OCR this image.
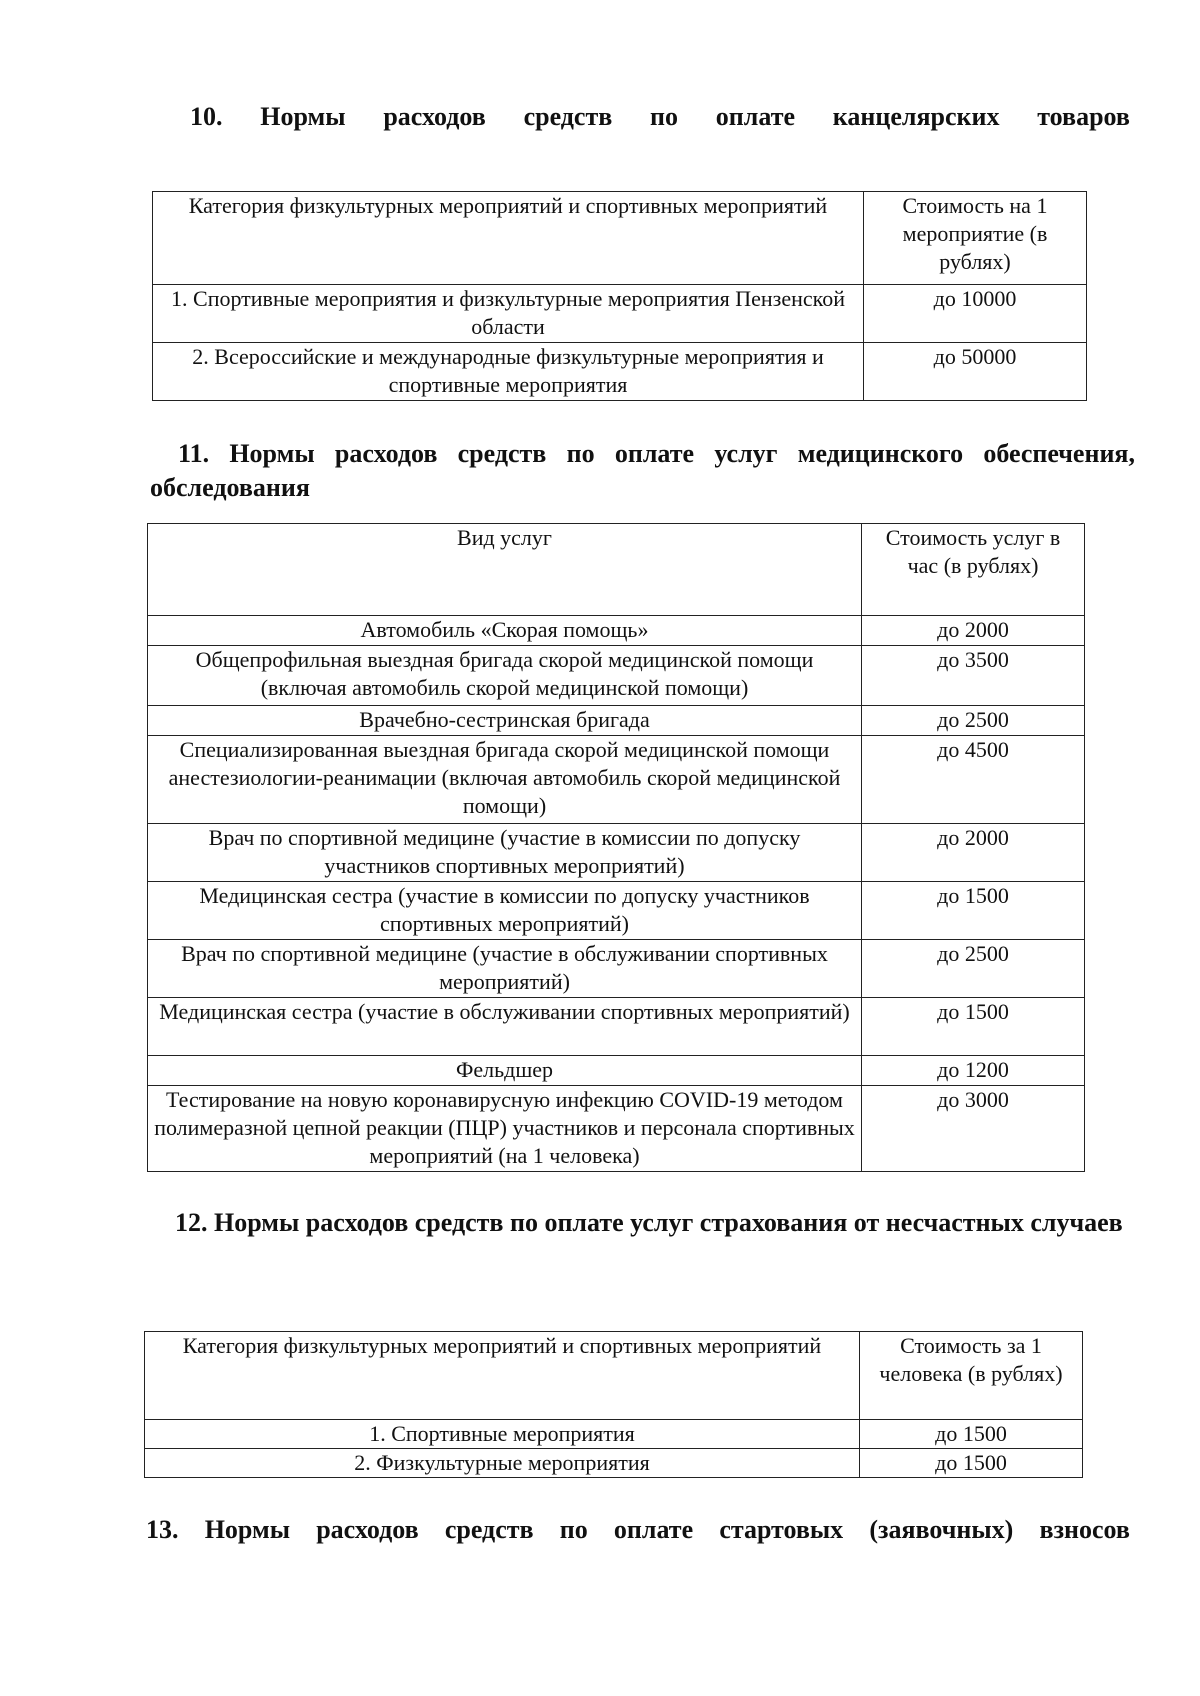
10. Нормы расходов средств по оплате канцелярских товаров
Категория физкультурных мероприятий и спортивных мероприятий	Стоимость на 1 мероприятие (в рублях)
1. Спортивные мероприятия и физкультурные мероприятия Пензенской области	до 10000
2. Всероссийские и международные физкультурные мероприятия и спортивные мероприятия	до 50000
11. Нормы расходов средств по оплате услуг медицинского обеспечения, обследования
Вид услуг	Стоимость услуг в час (в рублях)
Автомобиль «Скорая помощь»	до 2000
Общепрофильная выездная бригада скорой медицинской помощи (включая автомобиль скорой медицинской помощи)	до 3500
Врачебно-сестринская бригада	до 2500
Специализированная выездная бригада скорой медицинской помощи анестезиологии-реанимации (включая автомобиль скорой медицинской помощи)	до 4500
Врач по спортивной медицине (участие в комиссии по допуску участников спортивных мероприятий)	до 2000
Медицинская сестра (участие в комиссии по допуску участников спортивных мероприятий)	до 1500
Врач по спортивной медицине (участие в обслуживании спортивных мероприятий)	до 2500
Медицинская сестра (участие в обслуживании спортивных мероприятий)	до 1500
Фельдшер	до 1200
Тестирование на новую коронавирусную инфекцию COVID-19 методом полимеразной цепной реакции (ПЦР) участников и персонала спортивных мероприятий (на 1 человека)	до 3000
12. Нормы расходов средств по оплате услуг страхования от несчастных случаев
Категория физкультурных мероприятий и спортивных мероприятий	Стоимость за 1 человека (в рублях)
1. Спортивные мероприятия	до 1500
2. Физкультурные мероприятия	до 1500
13. Нормы расходов средств по оплате стартовых (заявочных) взносов
